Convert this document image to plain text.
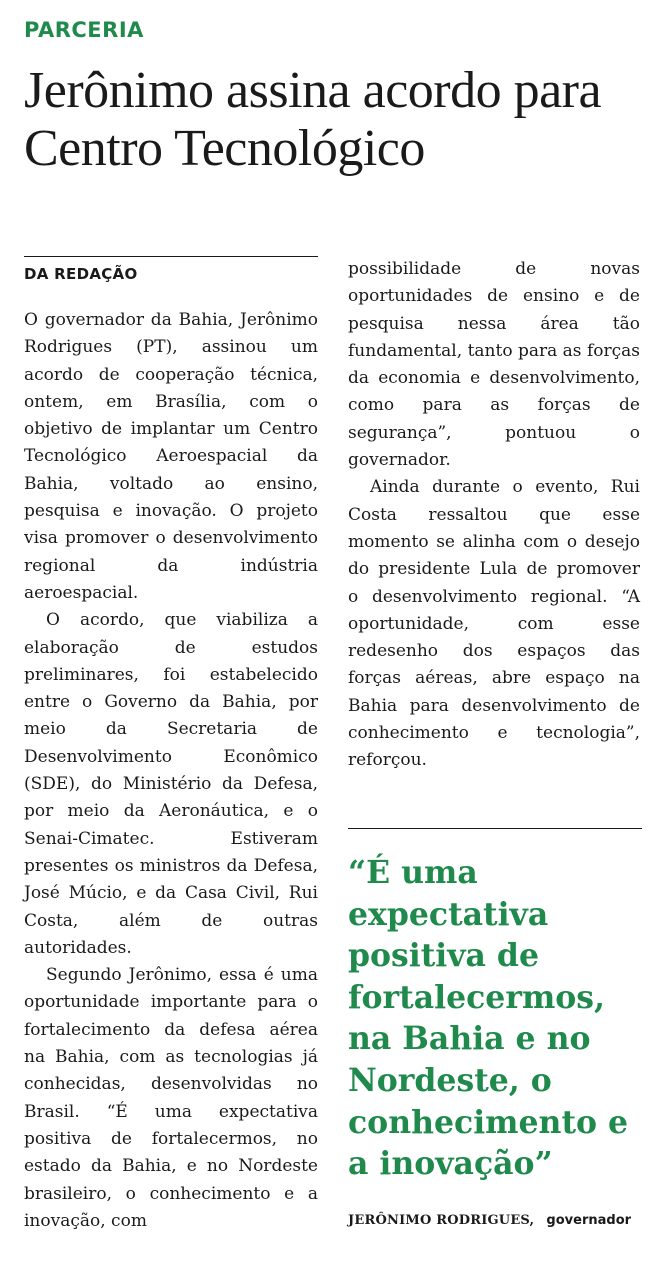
PARCERIA
Jerônimo assina acordo para Centro Tecnológico
DA REDAÇÃO

O governador da Bahia, Jerônimo Rodrigues (PT), assinou um acordo de cooperação técnica, ontem, em Brasília, com o objetivo de implantar um Centro Tecnológico Aeroespacial da Bahia, voltado ao ensino, pesquisa e inovação. O projeto visa promover o desenvolvimento regional da indústria aeroespacial.

O acordo, que viabiliza a elaboração de estudos preliminares, foi estabelecido entre o Governo da Bahia, por meio da Secretaria de Desenvolvimento Econômico (SDE), do Ministério da Defesa, por meio da Aeronáutica, e o Senai-Cimatec. Estiveram presentes os ministros da Defesa, José Múcio, e da Casa Civil, Rui Costa, além de outras autoridades.

Segundo Jerônimo, essa é uma oportunidade importante para o fortalecimento da defesa aérea na Bahia, com as tecnologias já conhecidas, desenvolvidas no Brasil. “É uma expectativa positiva de fortalecermos, no estado da Bahia, e no Nordeste brasileiro, o conhecimento e a inovação, com

possibilidade de novas oportunidades de ensino e de pesquisa nessa área tão fundamental, tanto para as forças da economia e desenvolvimento, como para as forças de segurança”, pontuou o governador.

Ainda durante o evento, Rui Costa ressaltou que esse momento se alinha com o desejo do presidente Lula de promover o desenvolvimento regional. “A oportunidade, com esse redesenho dos espaços das forças aéreas, abre espaço na Bahia para desenvolvimento de conhecimento e tecnologia”, reforçou.

“É uma expectativa positiva de fortalecermos, na Bahia e no Nordeste, o conhecimento e a inovação”

JERÔNIMO RODRIGUES, governador
